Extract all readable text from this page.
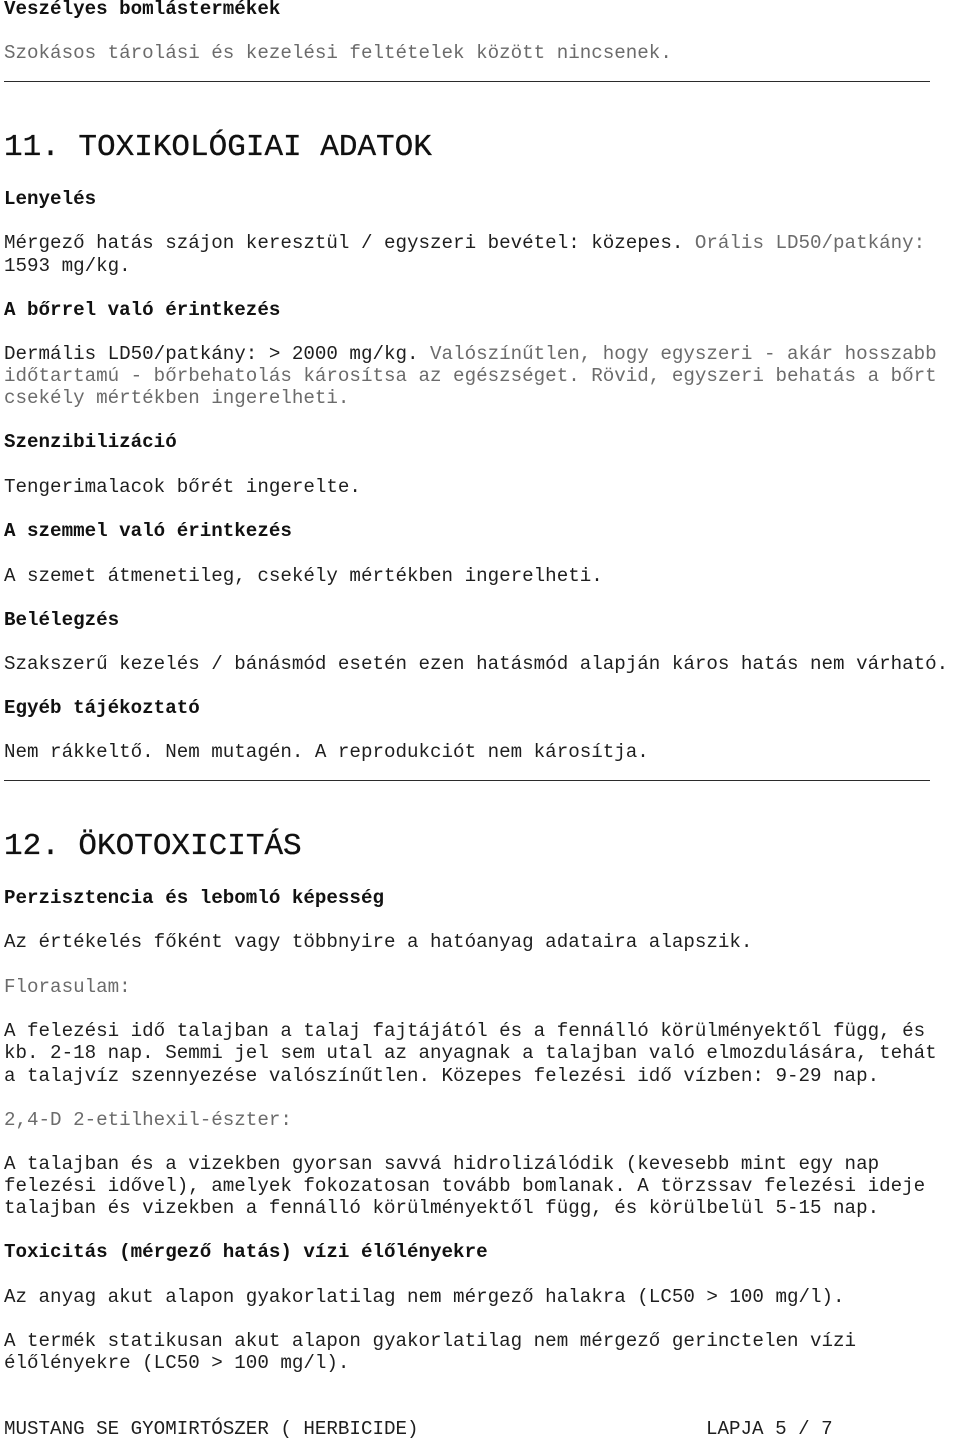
Veszélyes bomlástermékek
Szokásos tárolási és kezelési feltételek között nincsenek.
11. TOXIKOLÓGIAI ADATOK
Lenyelés
Mérgező hatás szájon keresztül / egyszeri bevétel: közepes. Orális LD50/patkány:
1593 mg/kg.
A bőrrel való érintkezés
Dermális LD50/patkány: > 2000 mg/kg. Valószínűtlen, hogy egyszeri - akár hosszabb
időtartamú - bőrbehatolás károsítsa az egészséget. Rövid, egyszeri behatás a bőrt
csekély mértékben ingerelheti.
Szenzibilizáció
Tengerimalacok bőrét ingerelte.
A szemmel való érintkezés
A szemet átmenetileg, csekély mértékben ingerelheti.
Belélegzés
Szakszerű kezelés / bánásmód esetén ezen hatásmód alapján káros hatás nem várható.
Egyéb tájékoztató
Nem rákkeltő. Nem mutagén. A reprodukciót nem károsítja.
12. ÖKOTOXICITÁS
Perzisztencia és lebomló képesség
Az értékelés főként vagy többnyire a hatóanyag adataira alapszik.
Florasulam:
A felezési idő talajban a talaj fajtájától és a fennálló körülményektől függ, és
kb. 2-18 nap. Semmi jel sem utal az anyagnak a talajban való elmozdulására, tehát
a talajvíz szennyezése valószínűtlen. Közepes felezési idő vízben: 9-29 nap.
2,4-D 2-etilhexil-észter:
A talajban és a vizekben gyorsan savvá hidrolizálódik (kevesebb mint egy nap
felezési idővel), amelyek fokozatosan tovább bomlanak. A törzssav felezési ideje
talajban és vizekben a fennálló körülményektől függ, és körülbelül 5-15 nap.
Toxicitás (mérgező hatás) vízi élőlényekre
Az anyag akut alapon gyakorlatilag nem mérgező halakra (LC50 > 100 mg/l).
A termék statikusan akut alapon gyakorlatilag nem mérgező gerinctelen vízi
élőlényekre (LC50 > 100 mg/l).
MUSTANG SE GYOMIRTÓSZER ( HERBICIDE)	LAPJA 5 / 7
